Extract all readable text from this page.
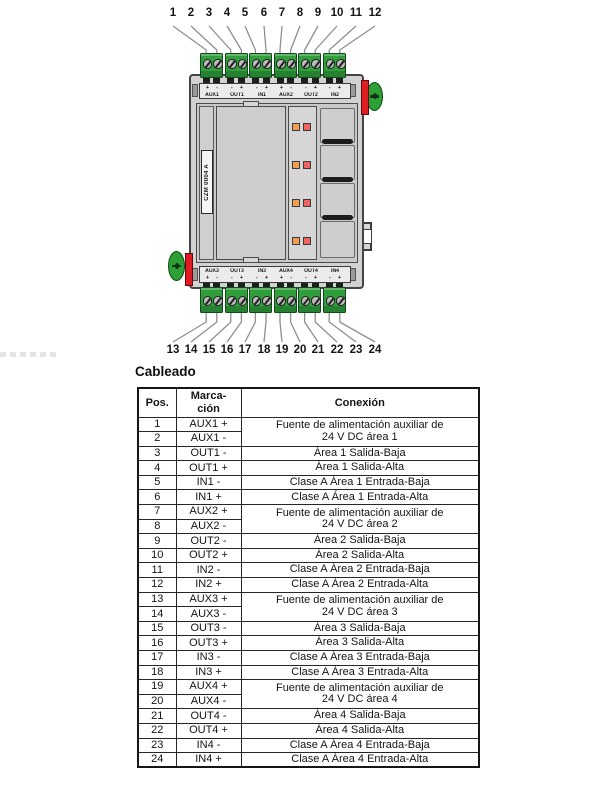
CZM 0004 A
+ -
AUX1
- +
OUT1
- +
IN1
+ -
AUX2
- +
OUT2
- +
IN2
AUX3
+ -
OUT3
- +
IN3
- +
AUX4
+ -
OUT4
- +
IN4
- +
1	2	3	4	5	6	7	8	9 10 11 12
13 14 15 16 17 18 19 20 21 22 23 24
Cableado
Pos.	Marca-
ción	Conexión
1	AUX1 +	Fuente de alimentación auxiliar de
24 V DC área 1

2	AUX1 -	
3	OUT1 -	Área 1 Salida-Baja

4	OUT1 +	Área 1 Salida-Alta

5	IN1 -	Clase A Área 1 Entrada-Baja

6	IN1 +	Clase A Área 1 Entrada-Alta

7	AUX2 +	Fuente de alimentación auxiliar de
24 V DC área 2

8	AUX2 -	
9	OUT2 -	Área 2 Salida-Baja

10	OUT2 +	Área 2 Salida-Alta

11	IN2 -	Clase A Área 2 Entrada-Baja

12	IN2 +	Clase A Área 2 Entrada-Alta

13	AUX3 +	Fuente de alimentación auxiliar de
24 V DC área 3

14	AUX3 -	
15	OUT3 -	Área 3 Salida-Baja

16	OUT3 +	Área 3 Salida-Alta

17	IN3 -	Clase A Área 3 Entrada-Baja

18	IN3 +	Clase A Área 3 Entrada-Alta

19	AUX4 +	Fuente de alimentación auxiliar de
24 V DC área 4

20	AUX4 -	
21	OUT4 -	Área 4 Salida-Baja

22	OUT4 +	Área 4 Salida-Alta

23	IN4 -	Clase A Área 4 Entrada-Baja

24	IN4 +	Clase A Área 4 Entrada-Alta
